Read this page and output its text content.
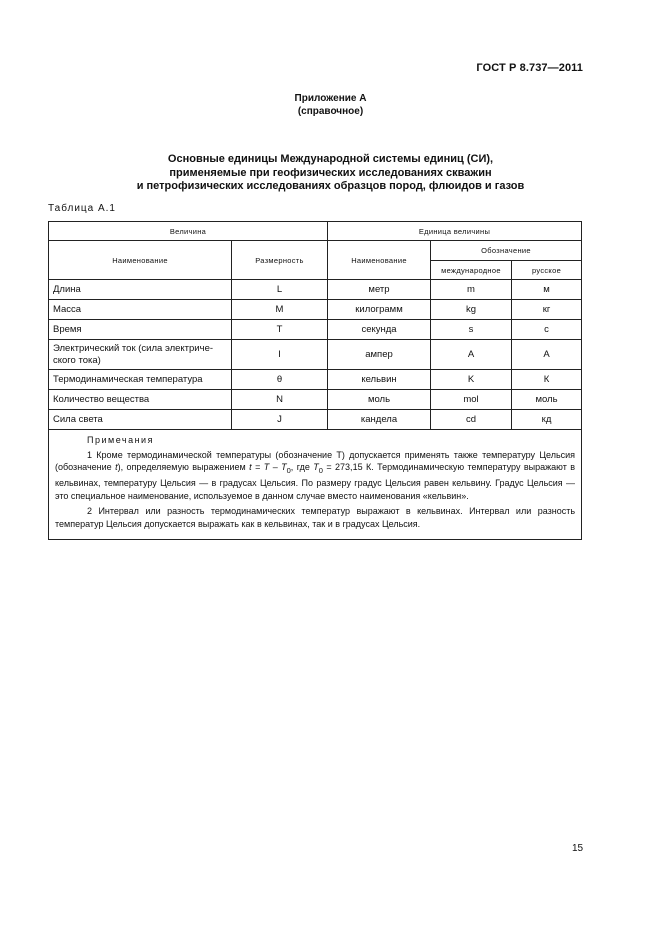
ГОСТ Р 8.737—2011
Приложение А
(справочное)
Основные единицы Международной системы единиц (СИ),
применяемые при геофизических исследованиях скважин
и петрофизических исследованиях образцов пород, флюидов и газов
Таблица А.1
Величина		Единица величины		
Наименование	Размерность	Наименование	Обозначение	
			международное	русское
Длина	L	метр	m	м
Масса	M	килограмм	kg	кг
Время	T	секунда	s	с
Электрический ток (сила электриче-ского тока)	I	ампер	A	А
Термодинамическая температура	θ	кельвин	K	К
Количество вещества	N	моль	mol	моль
Сила света	J	кандела	cd	кд

Примечания

1 Кроме термодинамической температуры (обозначение T) допускается применять также температуру Цельсия (обозначение t), определяемую выражением $t = T - T_0$, где $T_0 = 273,15$ К. Термодинамическую температуру выражают в кельвинах, температуру Цельсия — в градусах Цельсия. По размеру градус Цельсия равен кельвину. Градус Цельсия — это специальное наименование, используемое в данном случае вместо наименования «кельвин».

2 Интервал или разность термодинамических температур выражают в кельвинах. Интервал или разность температур Цельсия допускается выражать как в кельвинах, так и в градусах Цельсия.				

15
